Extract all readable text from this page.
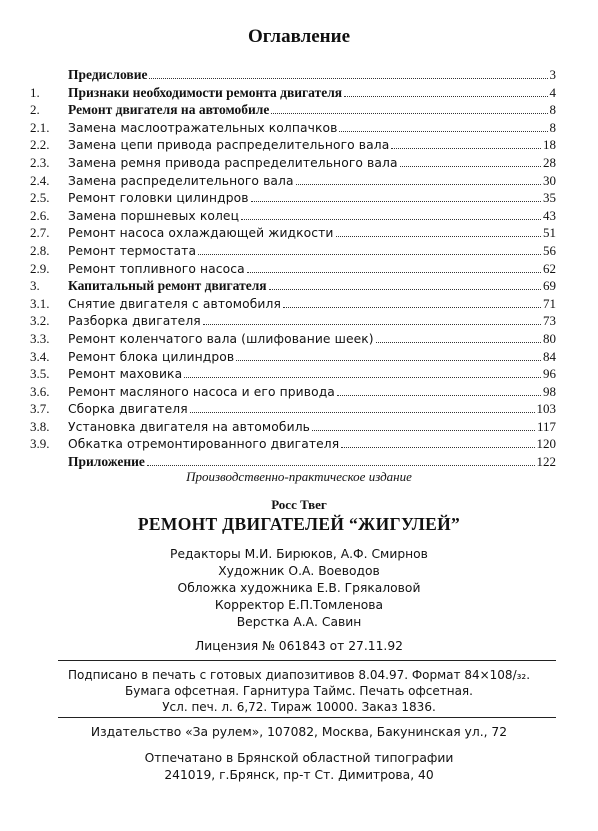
Оглавление
Предисловие	3
1.	Признаки необходимости ремонта двигателя	4
2.	Ремонт двигателя на автомобиле	8
2.1.	Замена маслоотражательных колпачков	8
2.2.	Замена цепи привода распределительного вала	18
2.3.	Замена ремня привода распределительного вала	28
2.4.	Замена распределительного вала	30
2.5.	Ремонт головки цилиндров	35
2.6.	Замена поршневых колец	43
2.7.	Ремонт насоса охлаждающей жидкости	51
2.8.	Ремонт термостата	56
2.9.	Ремонт топливного насоса	62
3.	Капитальный ремонт двигателя	69
3.1.	Снятие двигателя с автомобиля	71
3.2.	Разборка двигателя	73
3.3.	Ремонт коленчатого вала (шлифование шеек)	80
3.4.	Ремонт блока цилиндров	84
3.5.	Ремонт маховика	96
3.6.	Ремонт масляного насоса и его привода	98
3.7.	Сборка двигателя	103
3.8.	Установка двигателя на автомобиль	117
3.9.	Обкатка отремонтированного двигателя	120
Приложение	122
Производственно-практическое издание
Росс Твег
РЕМОНТ ДВИГАТЕЛЕЙ “ЖИГУЛЕЙ”
Редакторы М.И. Бирюков, А.Ф. Смирнов
Художник О.А. Воеводов
Обложка художника Е.В. Грякаловой
Корректор Е.П.Томленова
Верстка А.А. Савин
Лицензия № 061843 от 27.11.92
Подписано в печать с готовых диапозитивов 8.04.97. Формат 84×108/₃₂.
Бумага офсетная. Гарнитура Таймс. Печать офсетная.
Усл. печ. л. 6,72. Тираж 10000. Заказ 1836.
Издательство «За рулем», 107082, Москва, Бакунинская ул., 72
Отпечатано в Брянской областной типографии
241019, г.Брянск, пр-т Ст. Димитрова, 40
